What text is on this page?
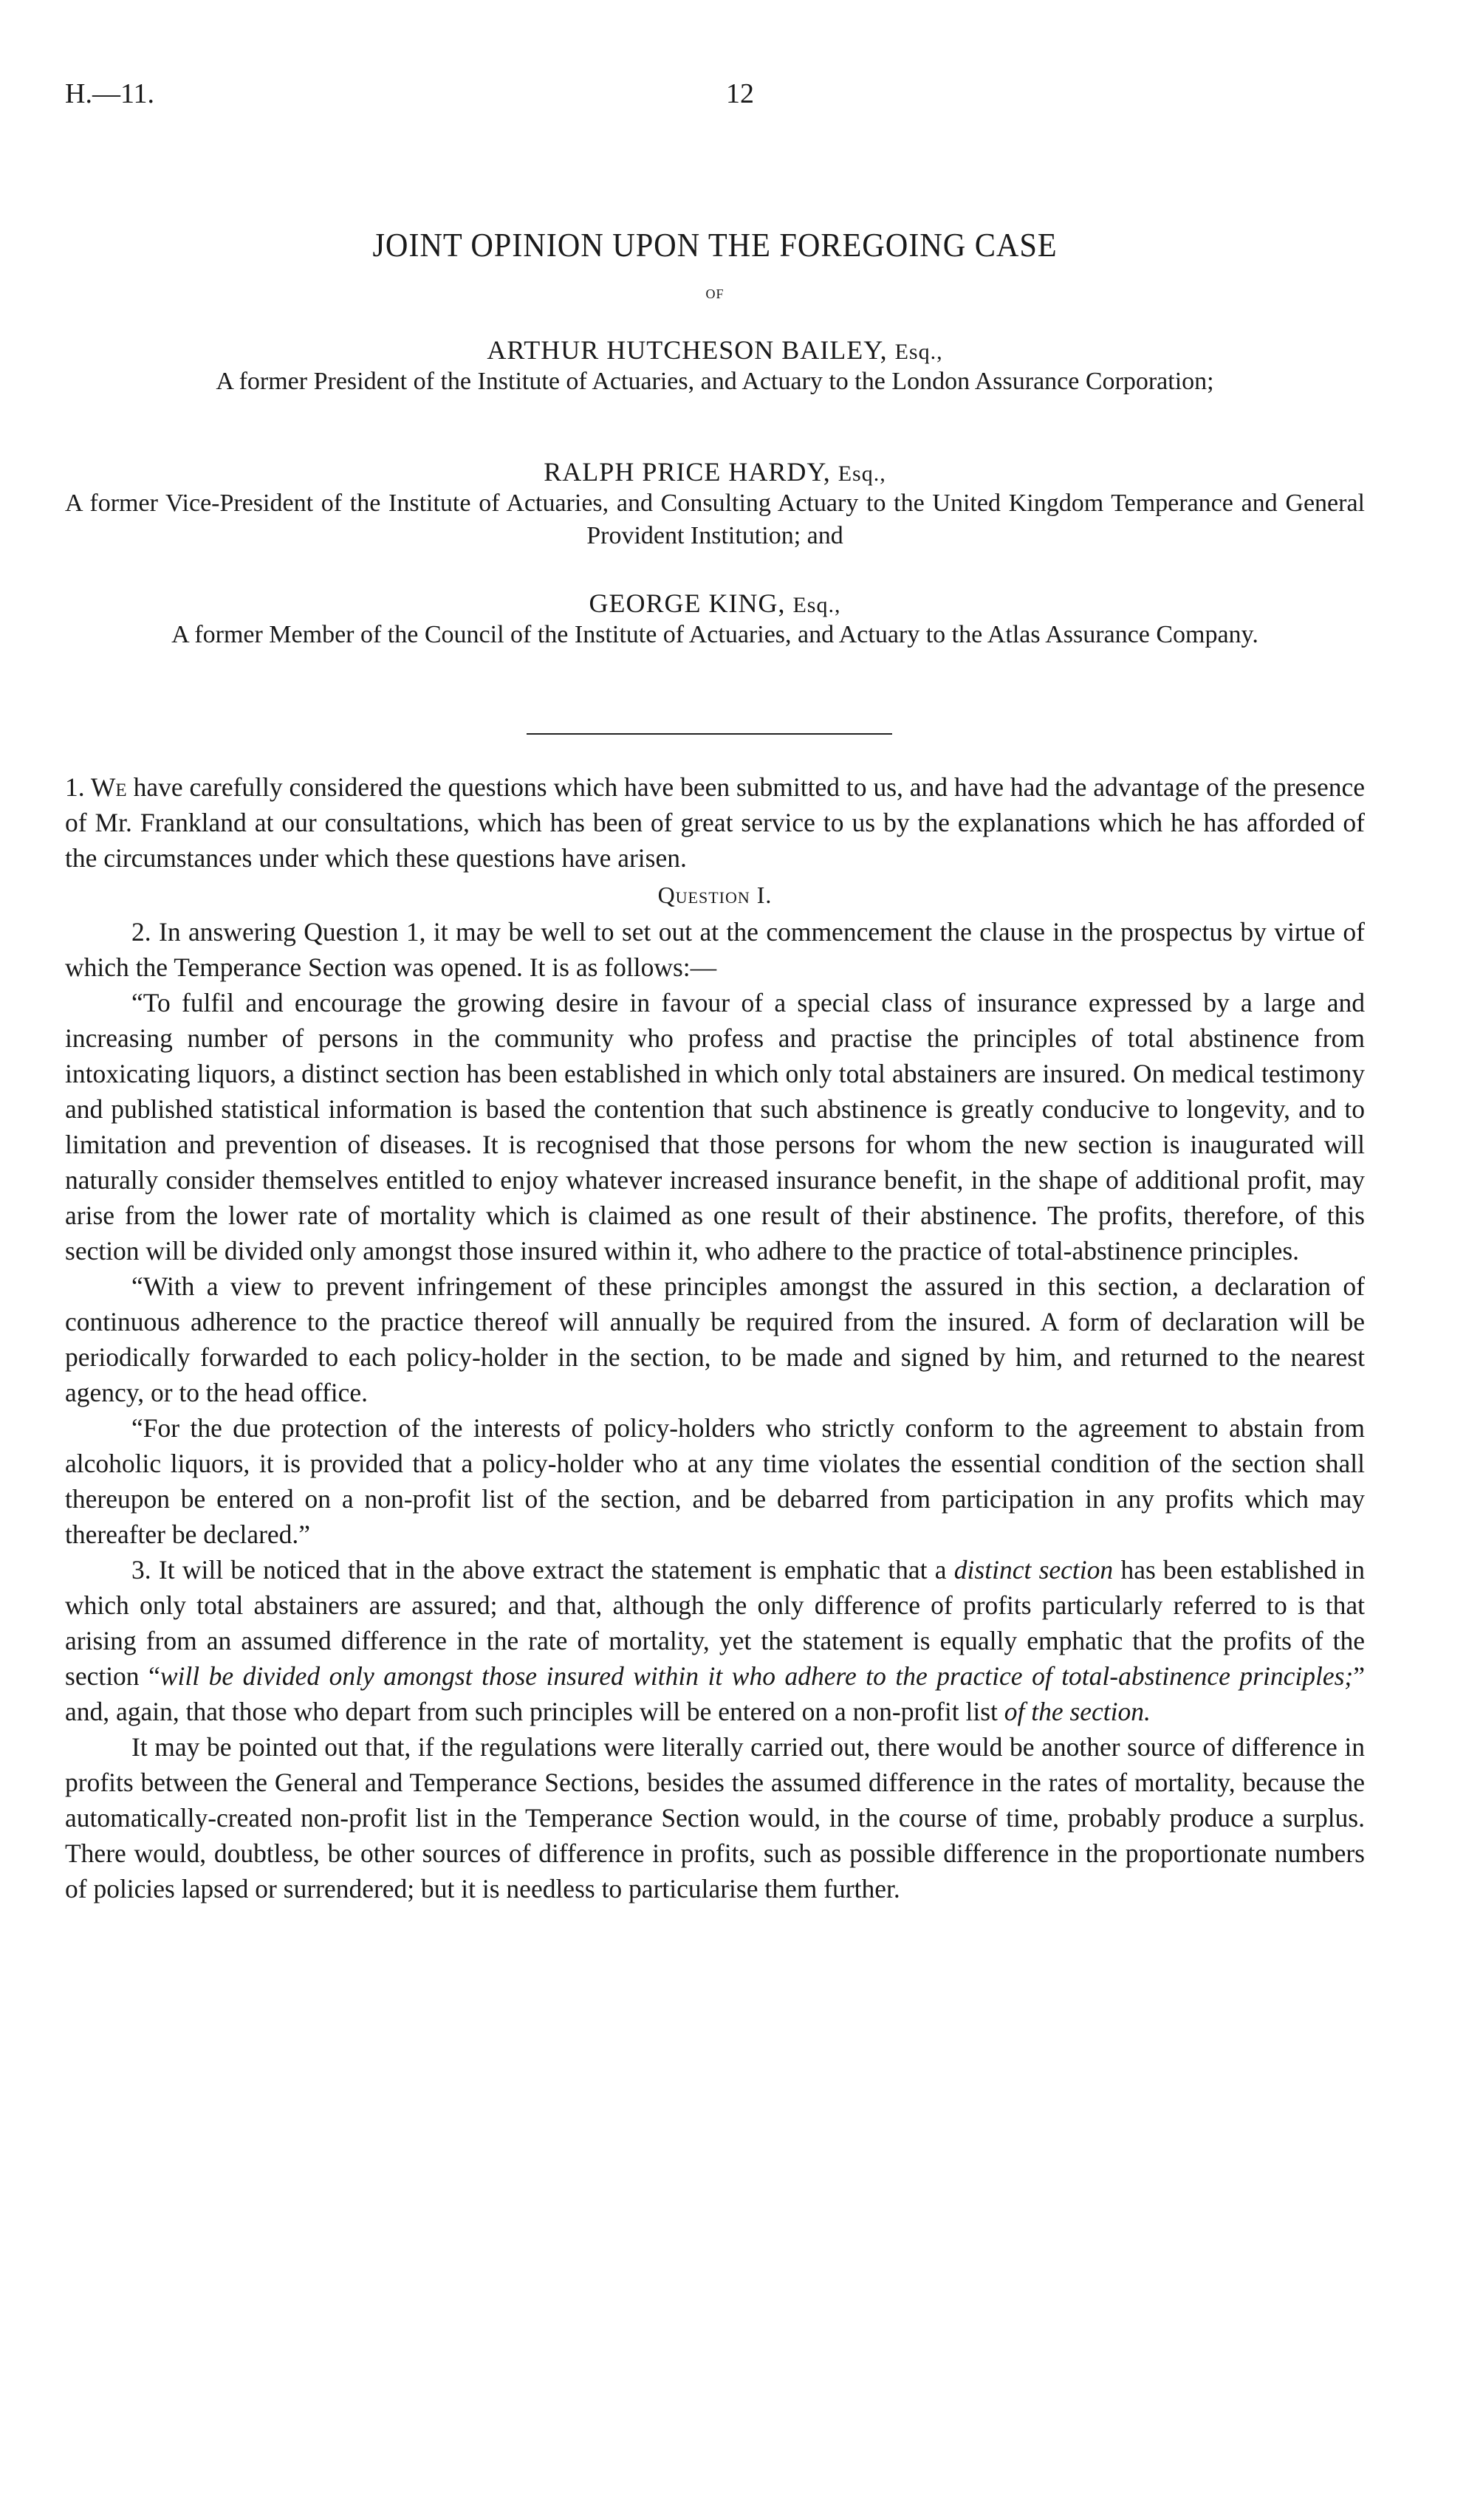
H.—11.	12
JOINT OPINION UPON THE FOREGOING CASE
OF
ARTHUR HUTCHESON BAILEY, Esq.,
A former President of the Institute of Actuaries, and Actuary to the London Assurance Corporation;
RALPH PRICE HARDY, Esq.,
A former Vice-President of the Institute of Actuaries, and Consulting Actuary to the United Kingdom Temperance and General Provident Institution; and
GEORGE KING, Esq.,
A former Member of the Council of the Institute of Actuaries, and Actuary to the Atlas Assurance Company.

1. We have carefully considered the questions which have been submitted to us, and have had the advantage of the presence of Mr. Frankland at our consultations, which has been of great service to us by the explanations which he has afforded of the circumstances under which these questions have arisen.

Question I.

2. In answering Question 1, it may be well to set out at the commencement the clause in the prospectus by virtue of which the Temperance Section was opened. It is as follows:—

“To fulfil and encourage the growing desire in favour of a special class of insurance expressed by a large and increasing number of persons in the community who profess and practise the principles of total abstinence from intoxicating liquors, a distinct section has been established in which only total abstainers are insured. On medical testimony and published statistical information is based the contention that such abstinence is greatly conducive to longevity, and to limitation and prevention of diseases. It is recognised that those persons for whom the new section is inaugurated will naturally consider themselves entitled to enjoy whatever increased insurance benefit, in the shape of additional profit, may arise from the lower rate of mortality which is claimed as one result of their abstinence. The profits, therefore, of this section will be divided only amongst those insured within it, who adhere to the practice of total-abstinence principles.

“With a view to prevent infringement of these principles amongst the assured in this section, a declaration of continuous adherence to the practice thereof will annually be required from the insured. A form of declaration will be periodically forwarded to each policy-holder in the section, to be made and signed by him, and returned to the nearest agency, or to the head office.

“For the due protection of the interests of policy-holders who strictly conform to the agreement to abstain from alcoholic liquors, it is provided that a policy-holder who at any time violates the essential condition of the section shall thereupon be entered on a non-profit list of the section, and be debarred from participation in any profits which may thereafter be declared.”

3. It will be noticed that in the above extract the statement is emphatic that a distinct section has been established in which only total abstainers are assured; and that, although the only difference of profits particularly referred to is that arising from an assumed difference in the rate of mortality, yet the statement is equally emphatic that the profits of the section “will be divided only amongst those insured within it who adhere to the practice of total-abstinence principles;” and, again, that those who depart from such principles will be entered on a non-profit list of the section.

It may be pointed out that, if the regulations were literally carried out, there would be another source of difference in profits between the General and Temperance Sections, besides the assumed difference in the rates of mortality, because the automatically-created non-profit list in the Temperance Section would, in the course of time, probably produce a surplus. There would, doubtless, be other sources of difference in profits, such as possible difference in the proportionate numbers of policies lapsed or surrendered; but it is needless to particularise them further.
